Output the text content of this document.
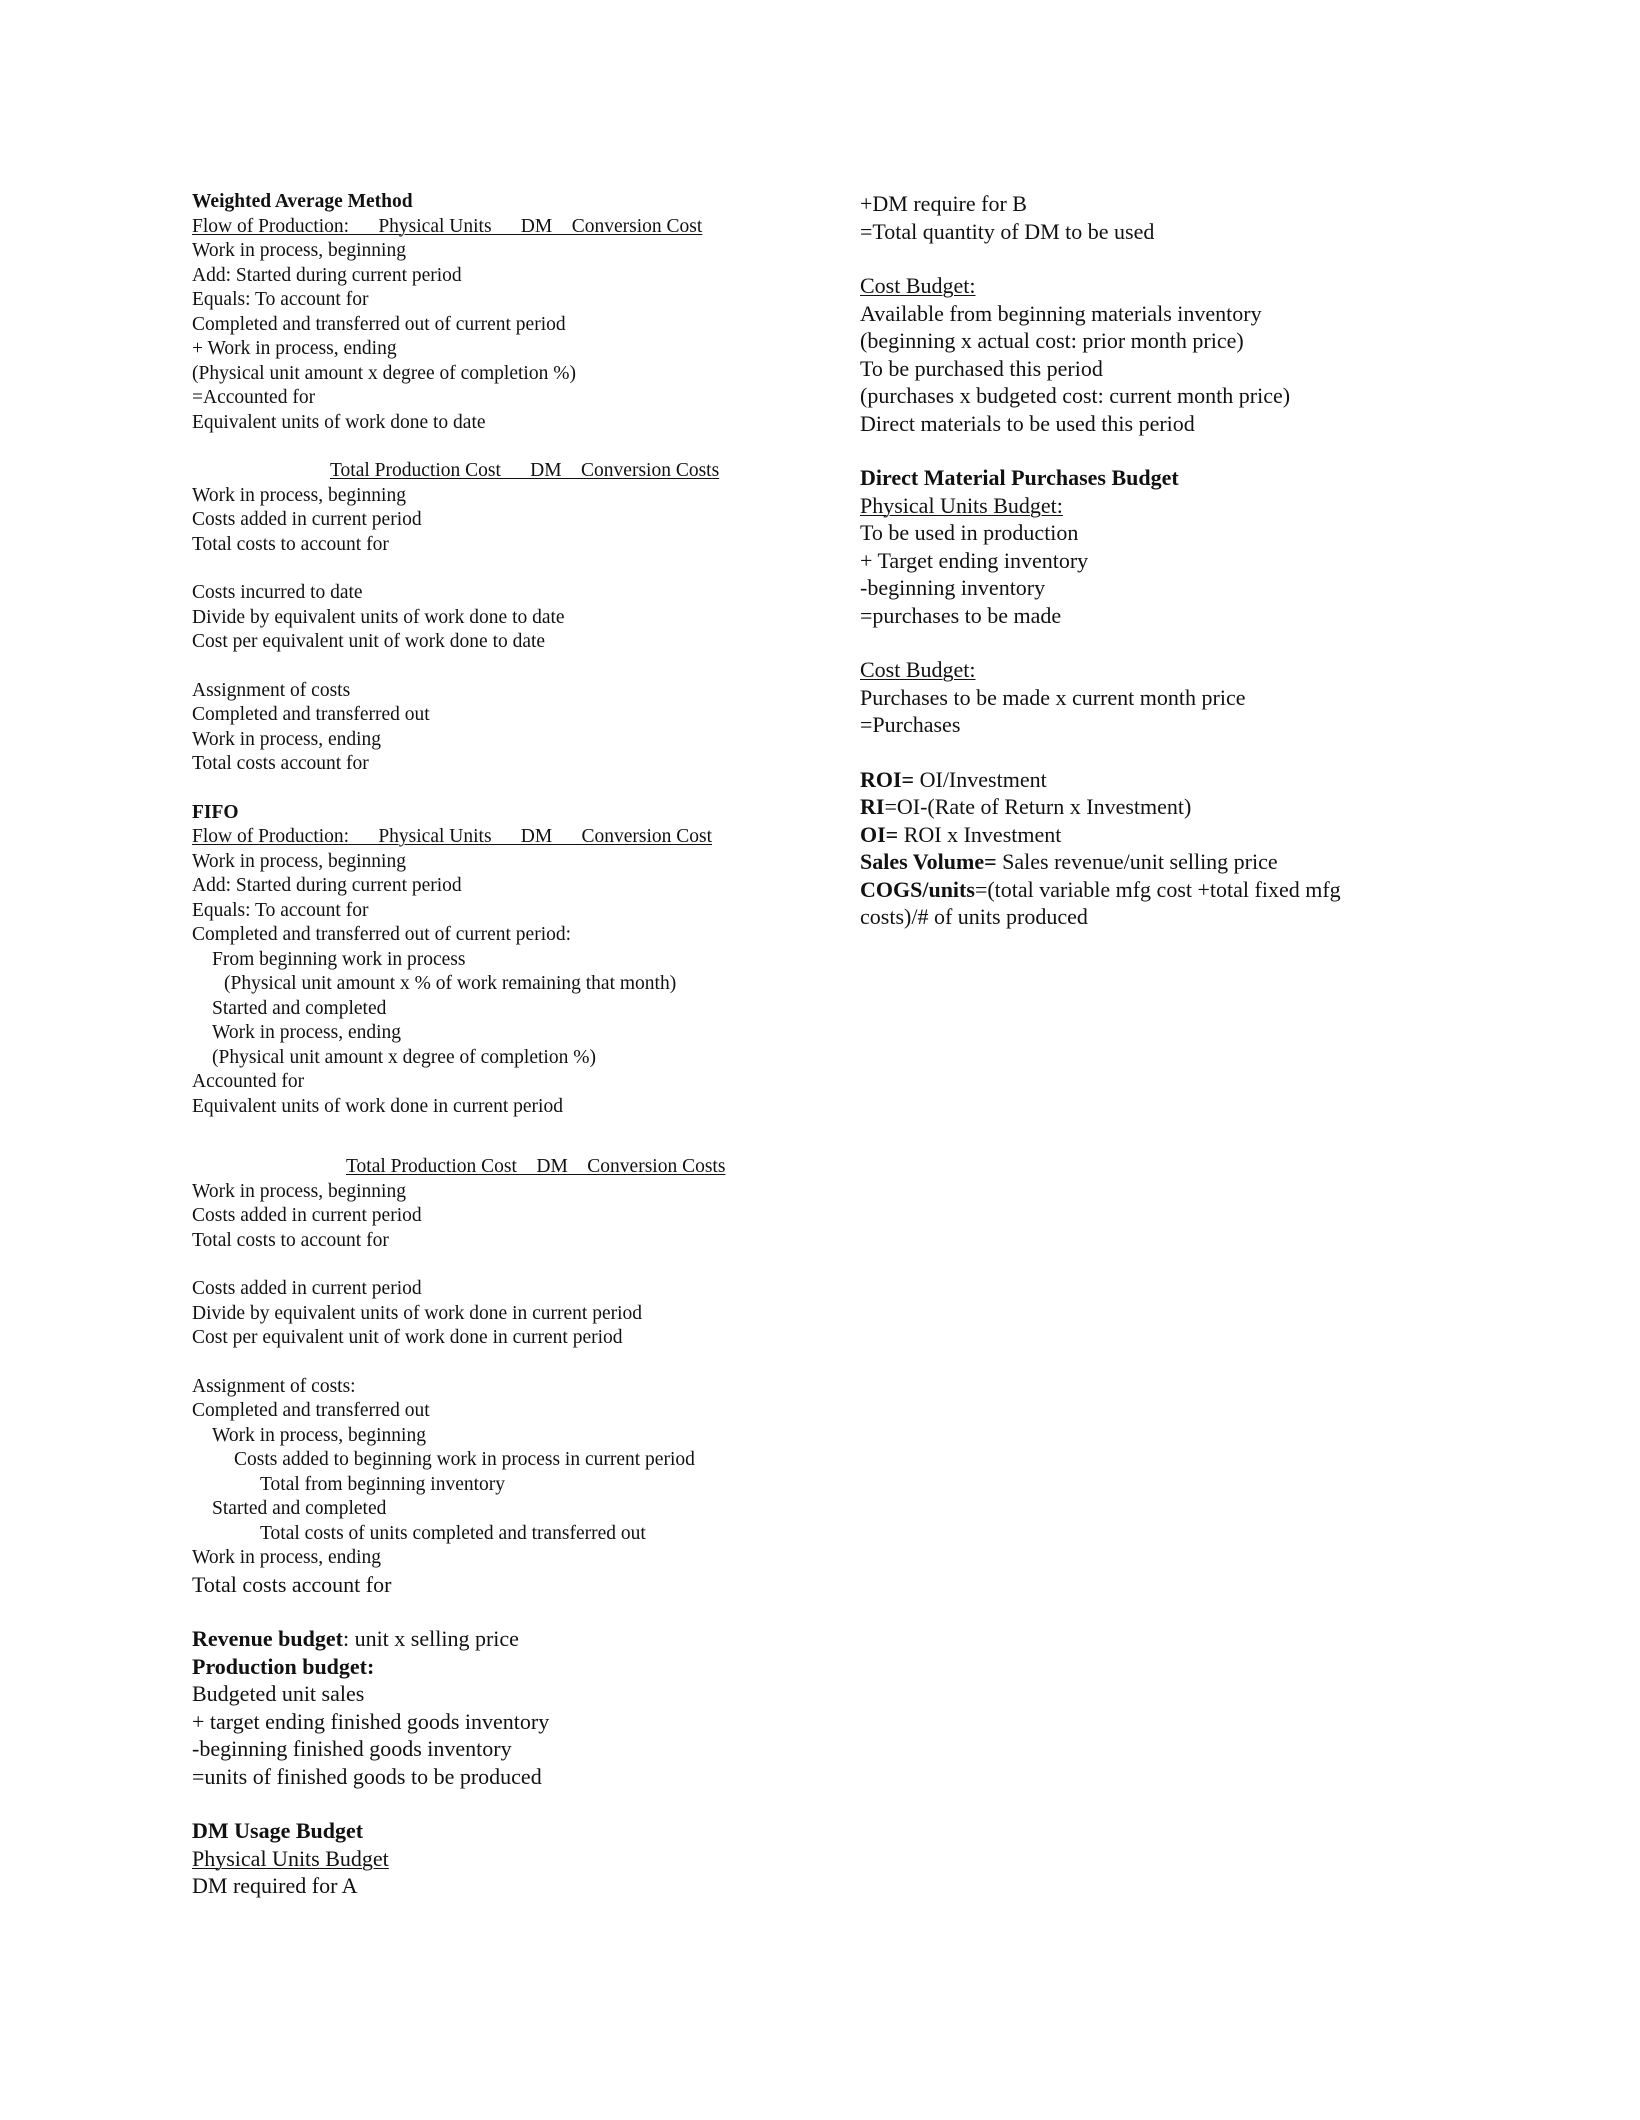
Weighted Average Method

Flow of Production:      Physical Units      DM    Conversion Cost

Work in process, beginning

Add: Started during current period

Equals: To account for

Completed and transferred out of current period

+ Work in process, ending

(Physical unit amount x degree of completion %)

=Accounted for

Equivalent units of work done to date

Total Production Cost      DM    Conversion Costs

Work in process, beginning

Costs added in current period

Total costs to account for

Costs incurred to date

Divide by equivalent units of work done to date

Cost per equivalent unit of work done to date

Assignment of costs

Completed and transferred out

Work in process, ending

Total costs account for

FIFO

Flow of Production:      Physical Units      DM      Conversion Cost

Work in process, beginning

Add: Started during current period

Equals: To account for

Completed and transferred out of current period:

From beginning work in process

(Physical unit amount x % of work remaining that month)

Started and completed

Work in process, ending

(Physical unit amount x degree of completion %)

Accounted for

Equivalent units of work done in current period

Total Production Cost    DM    Conversion Costs

Work in process, beginning

Costs added in current period

Total costs to account for

Costs added in current period

Divide by equivalent units of work done in current period

Cost per equivalent unit of work done in current period

Assignment of costs:

Completed and transferred out

Work in process, beginning

Costs added to beginning work in process in current period

Total from beginning inventory

Started and completed

Total costs of units completed and transferred out

Work in process, ending

Total costs account for

Revenue budget: unit x selling price

Production budget:

Budgeted unit sales

+ target ending finished goods inventory

-beginning finished goods inventory

=units of finished goods to be produced

DM Usage Budget

Physical Units Budget

DM required for A

+DM require for B

=Total quantity of DM to be used

Cost Budget:

Available from beginning materials inventory

(beginning x actual cost: prior month price)

To be purchased this period

(purchases x budgeted cost: current month price)

Direct materials to be used this period

Direct Material Purchases Budget

Physical Units Budget:

To be used in production

+ Target ending inventory

-beginning inventory

=purchases to be made

Cost Budget:

Purchases to be made x current month price

=Purchases

ROI= OI/Investment

RI=OI-(Rate of Return x Investment)

OI= ROI x Investment

Sales Volume= Sales revenue/unit selling price

COGS/units=(total variable mfg cost +total fixed mfg

costs)/# of units produced
